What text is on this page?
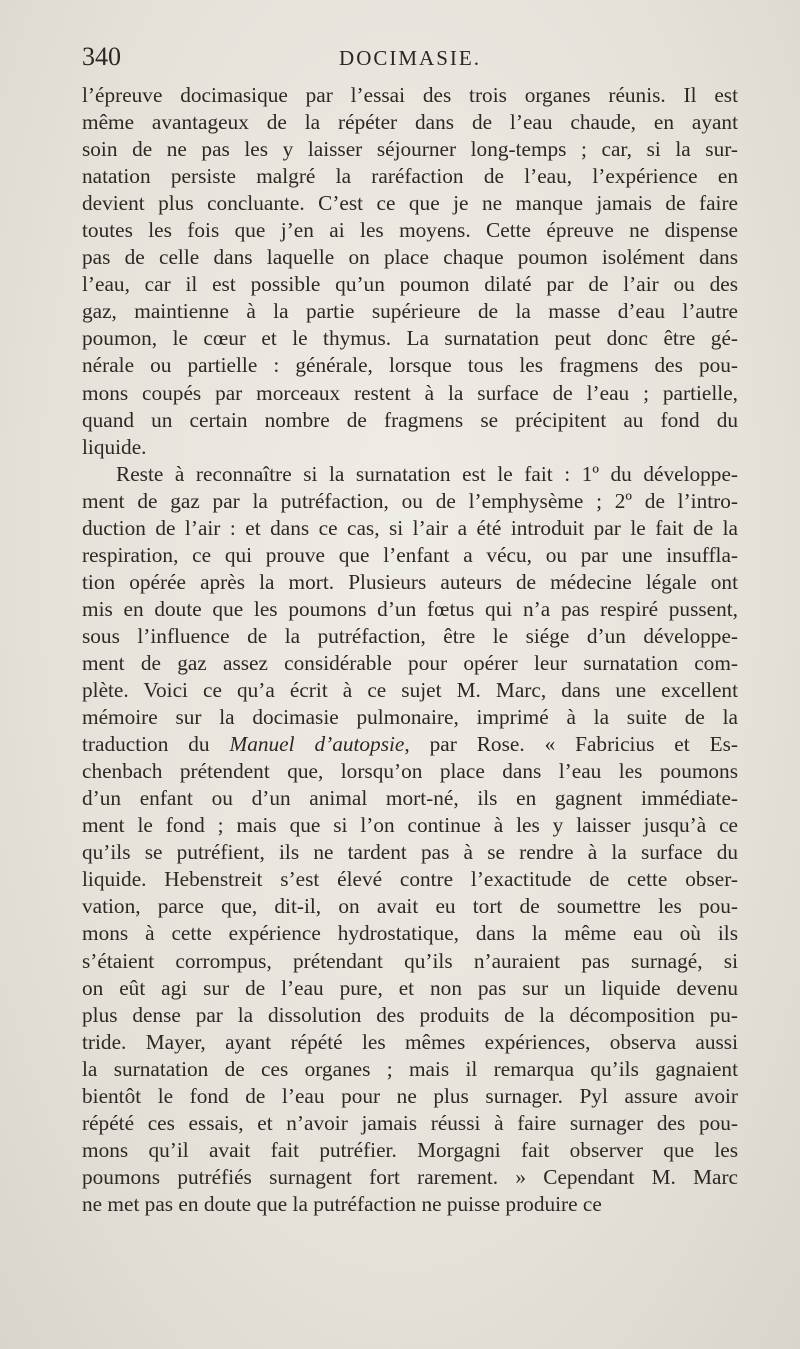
340	DOCIMASIE.
l’épreuve docimasique par l’essai des trois organes réunis. Il est
même avantageux de la répéter dans de l’eau chaude, en ayant
soin de ne pas les y laisser séjourner long-temps ; car, si la sur-
natation persiste malgré la raréfaction de l’eau, l’expérience en
devient plus concluante. C’est ce que je ne manque jamais de faire
toutes les fois que j’en ai les moyens. Cette épreuve ne dispense
pas de celle dans laquelle on place chaque poumon isolément dans
l’eau, car il est possible qu’un poumon dilaté par de l’air ou des
gaz, maintienne à la partie supérieure de la masse d’eau l’autre
poumon, le cœur et le thymus. La surnatation peut donc être gé-
nérale ou partielle : générale, lorsque tous les fragmens des pou-
mons coupés par morceaux restent à la surface de l’eau ; partielle,
quand un certain nombre de fragmens se précipitent au fond du
liquide.
Reste à reconnaître si la surnatation est le fait : 1º du développe-
ment de gaz par la putréfaction, ou de l’emphysème ; 2º de l’intro-
duction de l’air : et dans ce cas, si l’air a été introduit par le fait de la
respiration, ce qui prouve que l’enfant a vécu, ou par une insuffla-
tion opérée après la mort. Plusieurs auteurs de médecine légale ont
mis en doute que les poumons d’un fœtus qui n’a pas respiré pussent,
sous l’influence de la putréfaction, être le siége d’un développe-
ment de gaz assez considérable pour opérer leur surnatation com-
plète. Voici ce qu’a écrit à ce sujet M. Marc, dans une excellent
mémoire sur la docimasie pulmonaire, imprimé à la suite de la
traduction du Manuel d’autopsie, par Rose. « Fabricius et Es-
chenbach prétendent que, lorsqu’on place dans l’eau les poumons
d’un enfant ou d’un animal mort-né, ils en gagnent immédiate-
ment le fond ; mais que si l’on continue à les y laisser jusqu’à ce
qu’ils se putréfient, ils ne tardent pas à se rendre à la surface du
liquide. Hebenstreit s’est élevé contre l’exactitude de cette obser-
vation, parce que, dit-il, on avait eu tort de soumettre les pou-
mons à cette expérience hydrostatique, dans la même eau où ils
s’étaient corrompus, prétendant qu’ils n’auraient pas surnagé, si
on eût agi sur de l’eau pure, et non pas sur un liquide devenu
plus dense par la dissolution des produits de la décomposition pu-
tride. Mayer, ayant répété les mêmes expériences, observa aussi
la surnatation de ces organes ; mais il remarqua qu’ils gagnaient
bientôt le fond de l’eau pour ne plus surnager. Pyl assure avoir
répété ces essais, et n’avoir jamais réussi à faire surnager des pou-
mons qu’il avait fait putréfier. Morgagni fait observer que les
poumons putréfiés surnagent fort rarement. » Cependant M. Marc
ne met pas en doute que la putréfaction ne puisse produire ce
